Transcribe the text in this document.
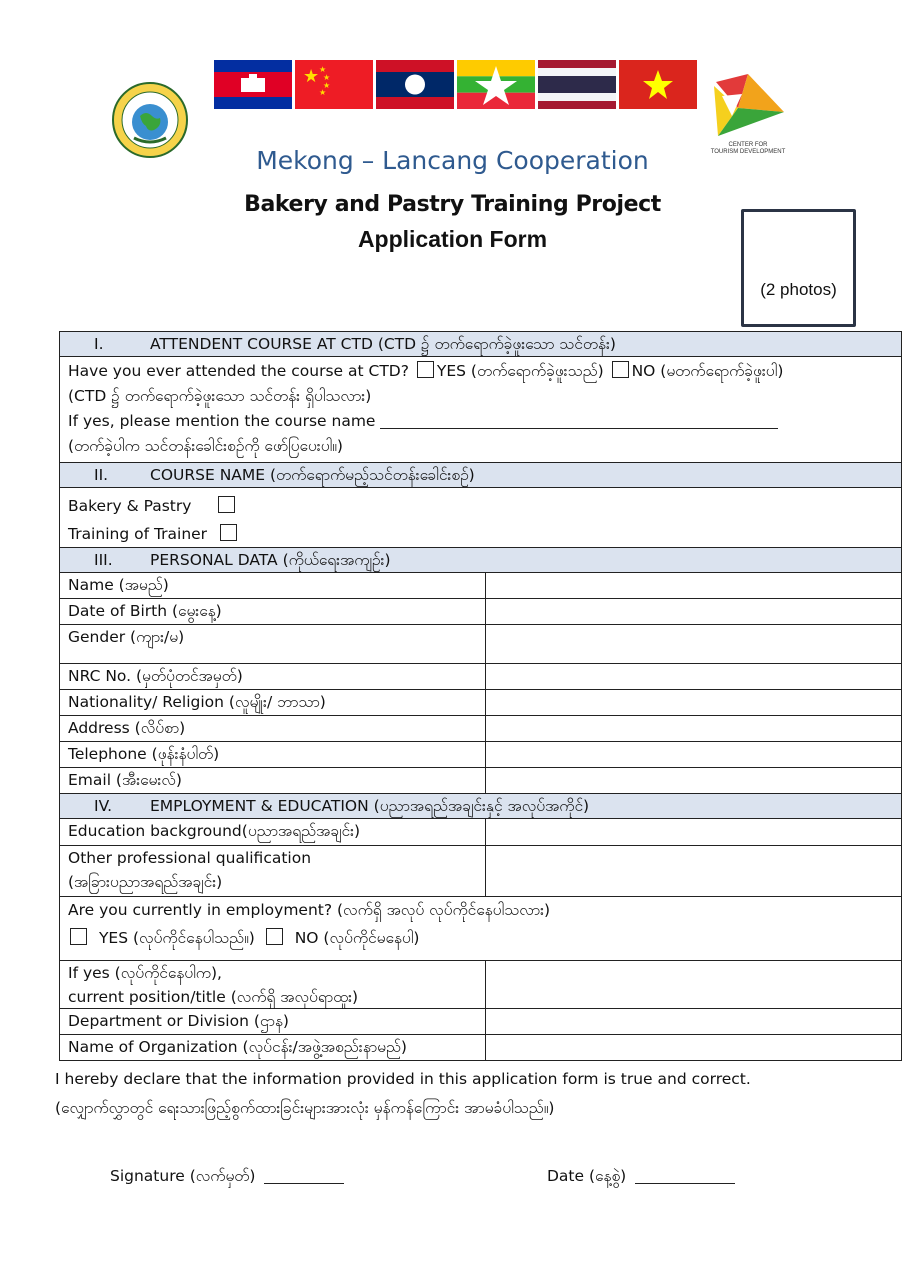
★ ★
★
★
★
CENTER FOR
TOURISM DEVELOPMENT
Mekong – Lancang Cooperation
Bakery and Pastry Training Project
Application Form
(2 photos)
I.	ATTENDENT COURSE AT CTD (CTD ၌ တက်ရောက်ခဲ့ဖူးသော သင်တန်း)
Have you ever attended the course at CTD? YES (တက်ရောက်ခဲ့ဖူးသည်) NO (မတက်ရောက်ခဲ့ဖူးပါ)
(CTD ၌ တက်ရောက်ခဲ့ဖူးသော သင်တန်း ရှိပါသလား)
If yes, please mention the course name
(တက်ခဲ့ပါက သင်တန်းခေါင်းစဉ်ကို ဖော်ပြပေးပါ။)
II.	COURSE NAME (တက်ရောက်မည့်သင်တန်းခေါင်းစဉ်)
Bakery & Pastry
Training of Trainer
III.	PERSONAL DATA (ကိုယ်ရေးအကျဉ်း)
Name (အမည်)
Date of Birth (မွေးနေ့)
Gender (ကျား/မ)
NRC No. (မှတ်ပုံတင်အမှတ်)
Nationality/ Religion (လူမျိုး/ ဘာသာ)
Address (လိပ်စာ)
Telephone (ဖုန်းနံပါတ်)
Email (အီးမေးလ်)
IV.	EMPLOYMENT & EDUCATION (ပညာအရည်အချင်းနှင့် အလုပ်အကိုင်)
Education background(ပညာအရည်အချင်း)
Other professional qualification
(အခြားပညာအရည်အချင်း)
Are you currently in employment? (လက်ရှိ အလုပ် လုပ်ကိုင်နေပါသလား)
YES (လုပ်ကိုင်နေပါသည်။)	NO (လုပ်ကိုင်မနေပါ)
If yes (လုပ်ကိုင်နေပါက),
current position/title (လက်ရှိ အလုပ်ရာထူး)
Department or Division (ဌာန)
Name of Organization (လုပ်ငန်း/အဖွဲ့အစည်းနာမည်)
I hereby declare that the information provided in this application form is true and correct.
(လျှောက်လွှာတွင် ရေးသားဖြည့်စွက်ထားခြင်းများအားလုံး မှန်ကန်ကြောင်း အာမခံပါသည်။)
Signature (လက်မှတ်)	Date (နေ့စွဲ)
